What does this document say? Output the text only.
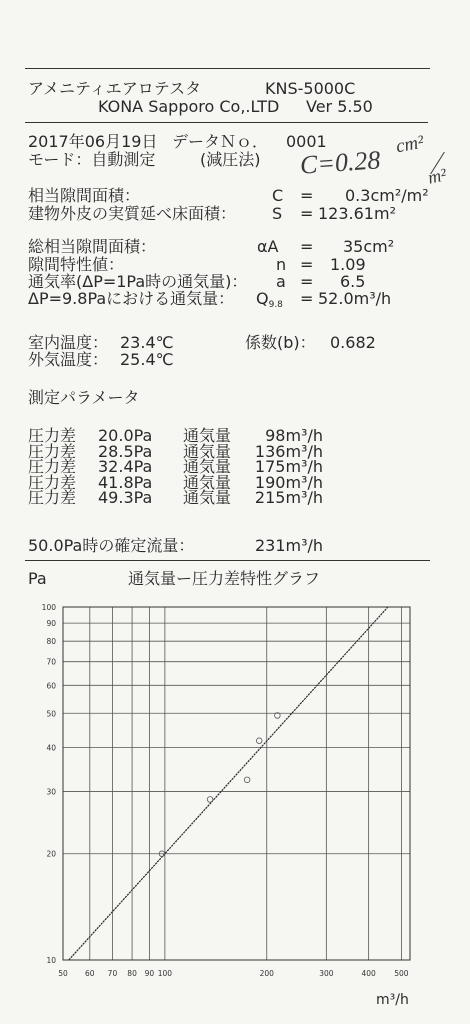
50 60 70 80 90 100	200	300	400 500
10
20
30
40
50
60
70
80
90
100
アメニティエアロテスタ	KNS-5000C
KONA Sapporo Co,.LTD Ver 5.50
2017年06月19日 データＮｏ． 0001
モード：自動測定	(減圧法) C=0.28
cm²
m²
相当隙間面積：	C = 0.3cm²/m²
建物外皮の実質延べ床面積： S = 123.61m²
総相当隙間面積：	αA = 35cm²
隙間特性値：	n = 1.09
通気率(ΔP=1Pa時の通気量)： a = 6.5
ΔP=9.8Paにおける通気量： $Q_{9.8} = 52.0m^3/h$
室内温度： 23.4℃	係数(b)： 0.682
外気温度： 25.4℃
測定パラメータ
圧力差 20.0Pa 通気量	98m³/h
圧力差 28.5Pa 通気量	136m³/h
圧力差 32.4Pa 通気量	175m³/h
圧力差 41.8Pa 通気量	190m³/h
圧力差 49.3Pa 通気量	215m³/h
50.0Pa時の確定流量：	231m³/h
Pa	通気量ー圧力差特性グラフ
m³/h
